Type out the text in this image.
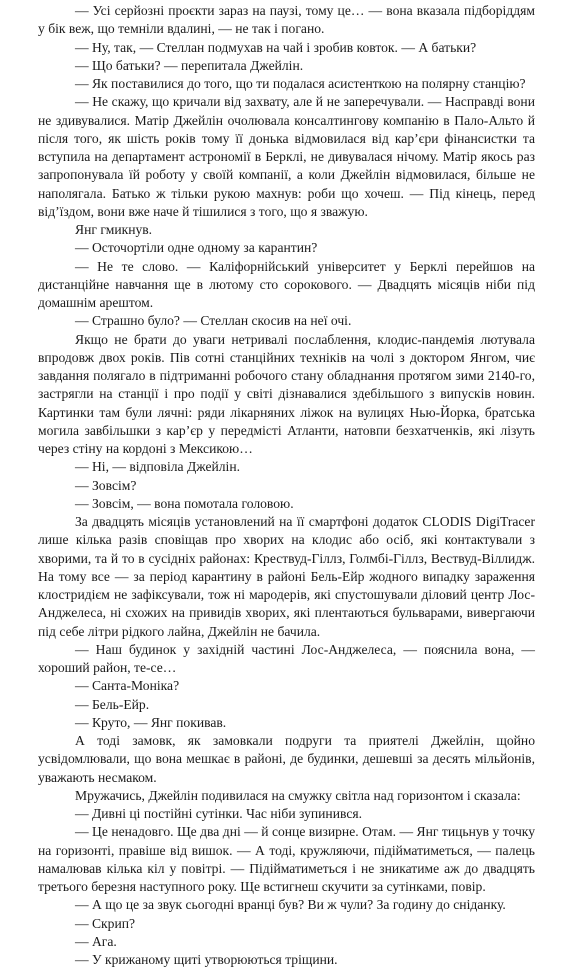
— Усі серйозні проєкти зараз на паузі, тому це… — вона вказала підборіддям у бік веж, що темніли вдалині, — не так і погано.

— Ну, так, — Стеллан подмухав на чай і зробив ковток. — А батьки?

— Що батьки? — перепитала Джейлін.

— Як поставилися до того, що ти подалася асистенткою на полярну станцію?

— Не скажу, що кричали від захвату, але й не заперечували. — Насправді вони не здивувалися. Матір Джейлін очолювала консалтингову компанію в Пало-Альто й після того, як шість років тому її донька відмовилася від кар’єри фінансистки та вступила на департамент астрономії в Берклі, не дивувалася нічому. Матір якось раз запропонувала їй роботу у своїй компанії, а коли Джейлін відмовилася, більше не наполягала. Батько ж тільки рукою махнув: роби що хочеш. — Під кінець, перед від’їздом, вони вже наче й тішилися з того, що я зважую.

Янг гмикнув.

— Осточортіли одне одному за карантин?

— Не те слово. — Каліфорнійський університет у Берклі перейшов на дистанційне навчання ще в лютому сто сорокового. — Двадцять місяців ніби під домашнім арештом.

— Страшно було? — Стеллан скосив на неї очі.

Якщо не брати до уваги нетривалі послаблення, клодис-пандемія лютувала впродовж двох років. Пів сотні станційних техніків на чолі з доктором Янгом, чиє завдання полягало в підтриманні робочого стану обладнання протягом зими 2140-го, застрягли на станції і про події у світі дізнавалися здебільшого з випусків новин. Картинки там були лячні: ряди лікарняних ліжок на вулицях Нью-Йорка, братська могила завбільшки з кар’єр у передмісті Атланти, натовпи безхатченків, які лізуть через стіну на кордоні з Мексикою…

— Ні, — відповіла Джейлін.

— Зовсім?

— Зовсім, — вона помотала головою.

За двадцять місяців установлений на її смартфоні додаток CLODIS DigiTracer лише кілька разів сповіщав про хворих на клодис або осіб, які контактували з хворими, та й то в сусідніх районах: Крествуд-Гіллз, Голмбі-Гіллз, Вествуд-Віллидж. На тому все — за період карантину в районі Бель-Ейр жодного випадку зараження клостридієм не зафіксували, тож ні мародерів, які спустошували діловий центр Лос-Анджелеса, ні схожих на привидів хворих, які плентаються бульварами, вивергаючи під себе літри рідкого лайна, Джейлін не бачила.

— Наш будинок у західній частині Лос-Анджелеса, — пояснила вона, — хороший район, те-се…

— Санта-Моніка?

— Бель-Ейр.

— Круто, — Янг покивав.

А тоді замовк, як замовкали подруги та приятелі Джейлін, щойно усвідомлювали, що вона мешкає в районі, де будинки, дешевші за десять мільйонів, уважають несмаком.

Мружачись, Джейлін подивилася на смужку світла над горизонтом і сказала:

— Дивні ці постійні сутінки. Час ніби зупинився.

— Це ненадовго. Ще два дні — й сонце визирне. Отам. — Янг тицьнув у точку на горизонті, правіше від вишок. — А тоді, кружляючи, підійматиметься, — палець намалював кілька кіл у повітрі. — Підійматиметься і не зникатиме аж до двадцять третього березня наступного року. Ще встигнеш скучити за сутінками, повір.

— А що це за звук сьогодні вранці був? Ви ж чули? За годину до сніданку.

— Скрип?

— Ага.

— У крижаному щиті утворюються тріщини.
